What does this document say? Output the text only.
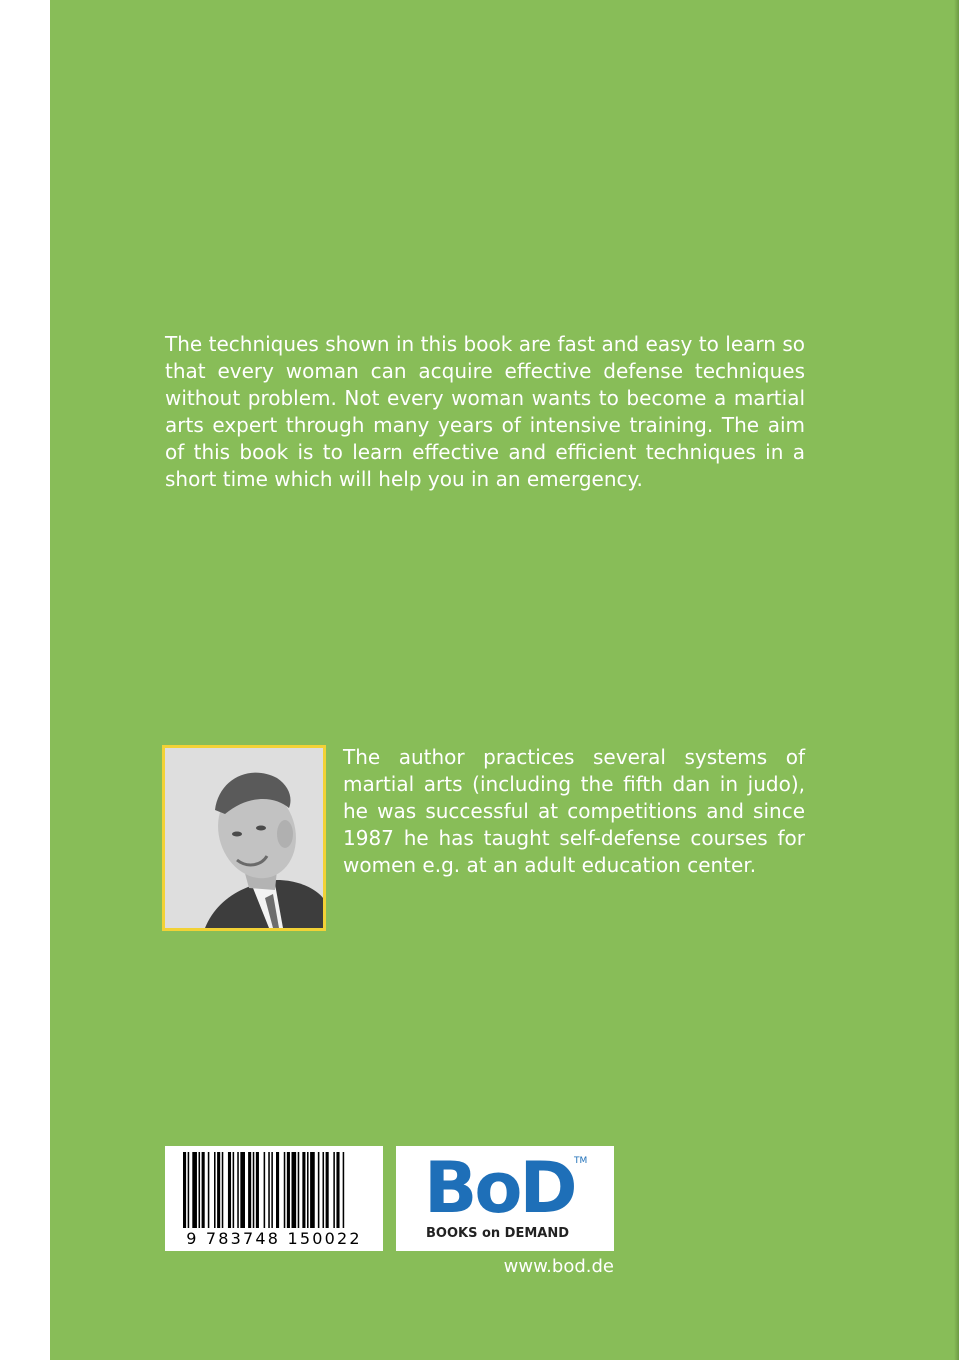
The techniques shown in this book are fast and easy to learn so that every woman can acquire effective defense techniques without problem. Not every woman wants to become a martial arts expert through many years of intensive training. The aim of this book is to learn effective and efficient techniques in a short time which will help you in an emergency.

The author practices several systems of martial arts (including the fifth dan in judo), he was successful at competitions and since 1987 he has taught self-defense courses for women e.g. at an adult education center.

9 783748 150022
BoD TM
BOOKS on DEMAND
www.bod.de
